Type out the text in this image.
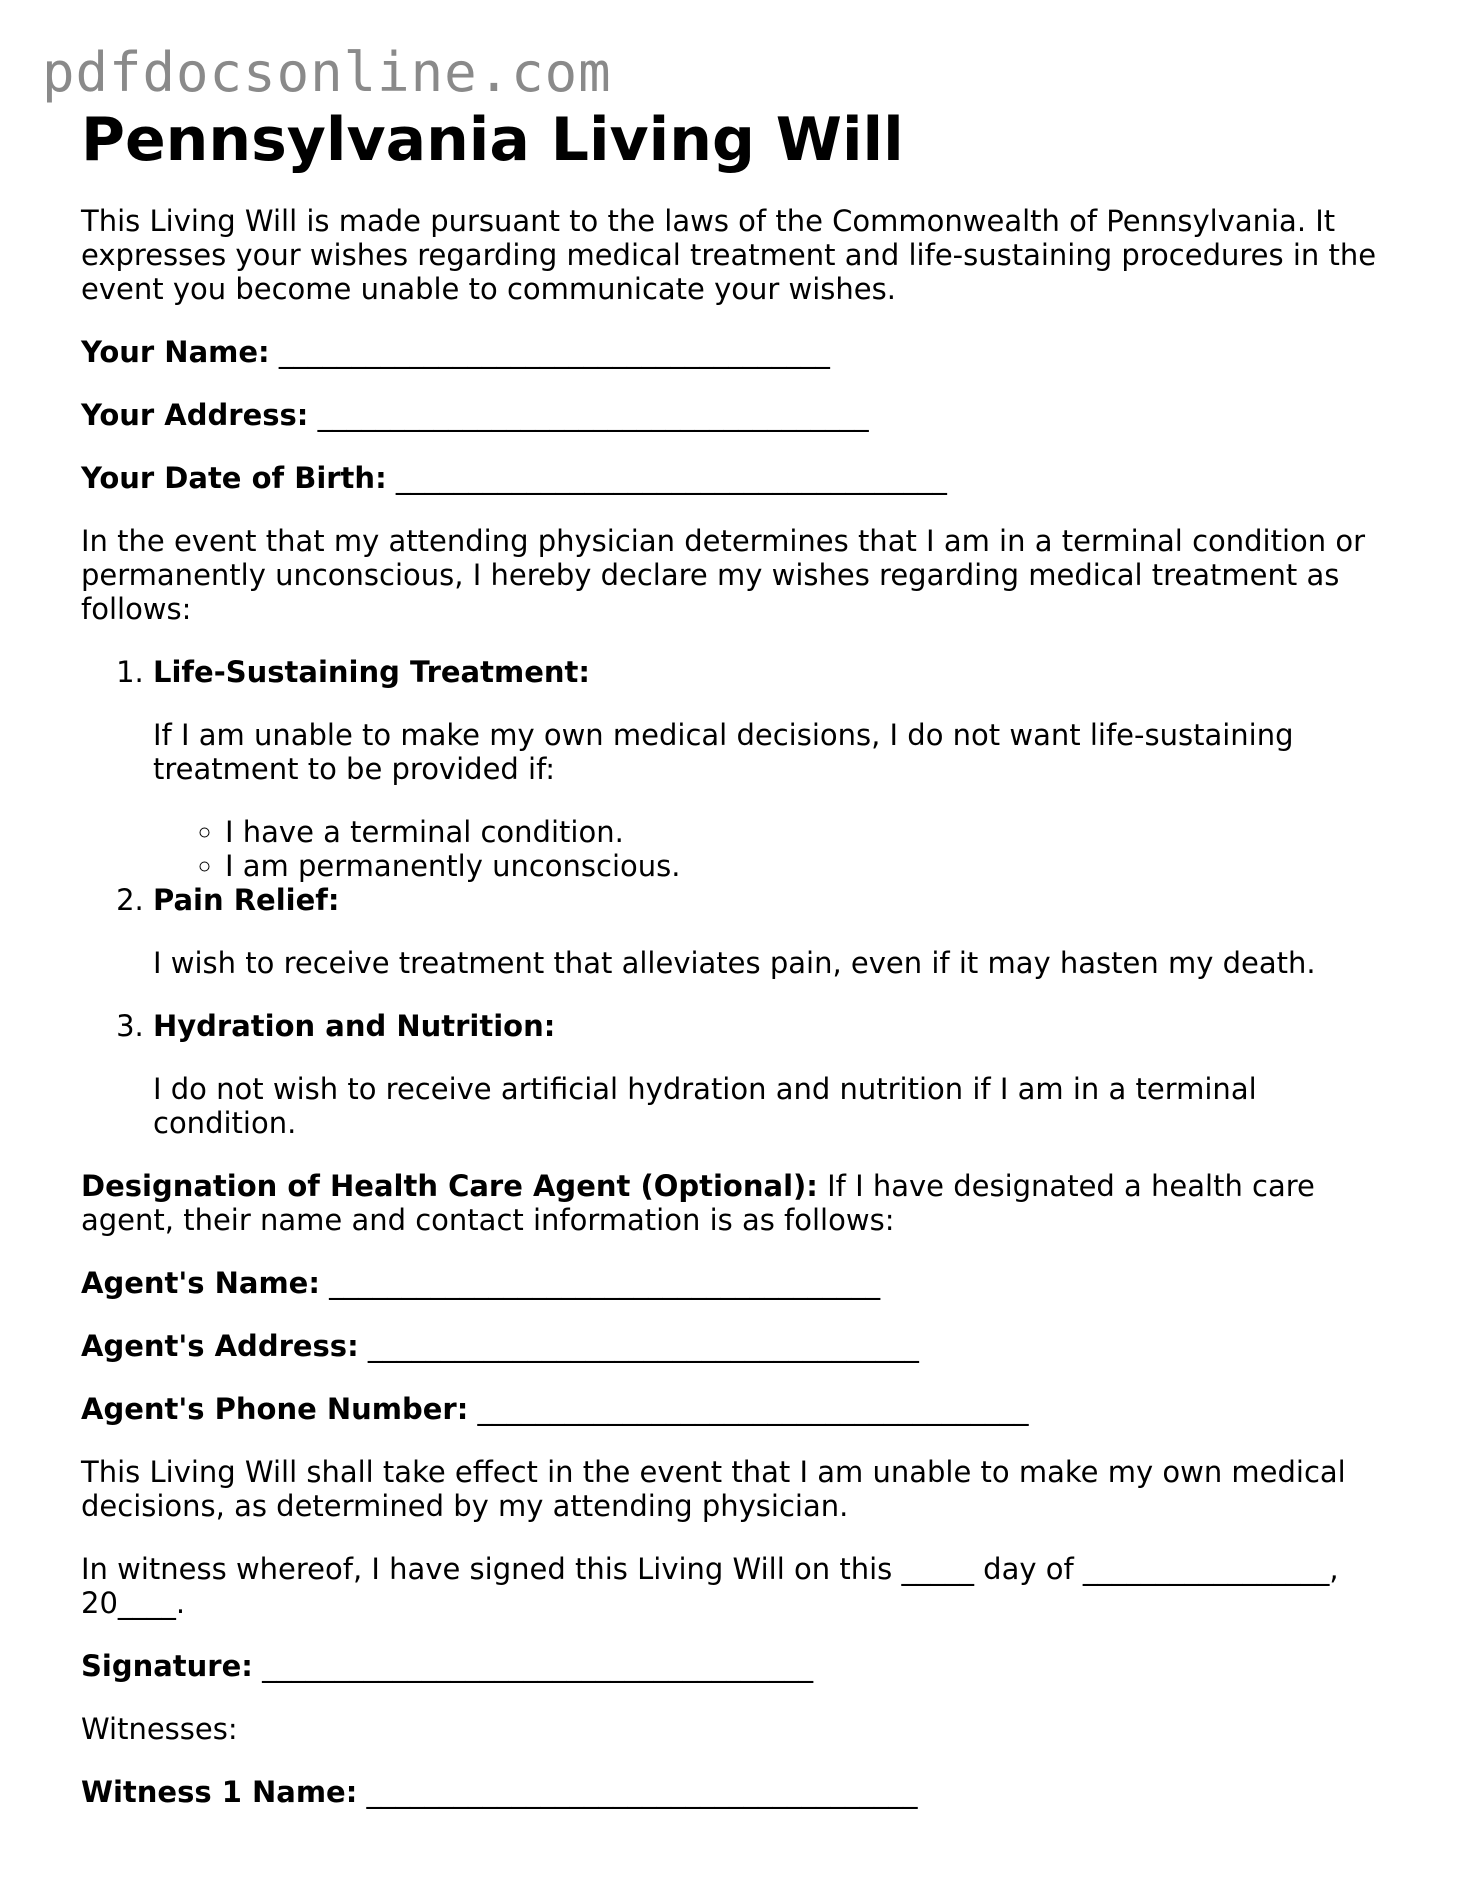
pdfdocsonline.com
Pennsylvania Living Will

This Living Will is made pursuant to the laws of the Commonwealth of Pennsylvania. It expresses your wishes regarding medical treatment and life-sustaining procedures in the event you become unable to communicate your wishes.

Your Name: ______________________________________

Your Address: ______________________________________

Your Date of Birth: ______________________________________

In the event that my attending physician determines that I am in a terminal condition or permanently unconscious, I hereby declare my wishes regarding medical treatment as follows:

1. Life-Sustaining Treatment:
If I am unable to make my own medical decisions, I do not want life-sustaining treatment to be provided if:
◦ I have a terminal condition.
◦ I am permanently unconscious.
2. Pain Relief:
I wish to receive treatment that alleviates pain, even if it may hasten my death.
3. Hydration and Nutrition:
I do not wish to receive artificial hydration and nutrition if I am in a terminal condition.

Designation of Health Care Agent (Optional): If I have designated a health care agent, their name and contact information is as follows:

Agent's Name: ______________________________________

Agent's Address: ______________________________________

Agent's Phone Number: ______________________________________

This Living Will shall take effect in the event that I am unable to make my own medical decisions, as determined by my attending physician.

In witness whereof, I have signed this Living Will on this _____ day of _________________, 20____.

Signature: ______________________________________

Witnesses:

Witness 1 Name: ______________________________________
